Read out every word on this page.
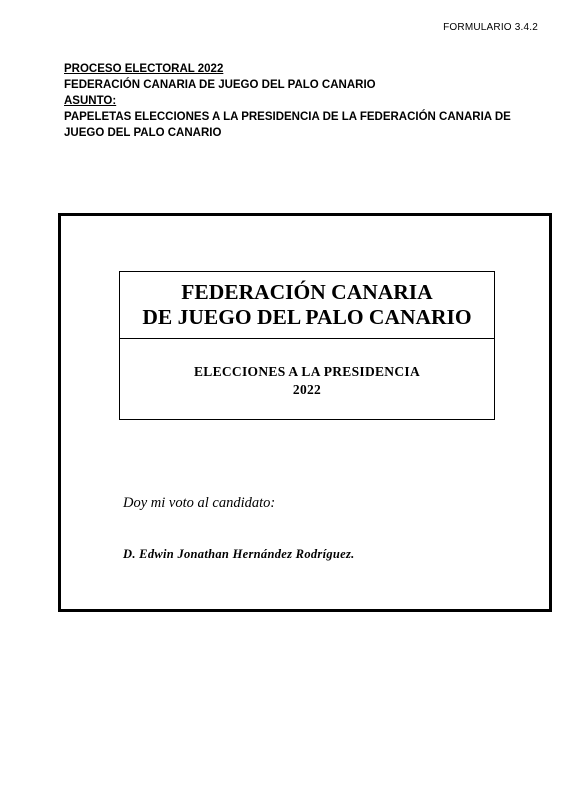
FORMULARIO 3.4.2
PROCESO ELECTORAL 2022
FEDERACIÓN CANARIA DE JUEGO DEL PALO CANARIO
ASUNTO:
PAPELETAS ELECCIONES A LA PRESIDENCIA DE LA FEDERACIÓN CANARIA DE
JUEGO DEL PALO CANARIO
FEDERACIÓN CANARIA
DE JUEGO DEL PALO CANARIO
ELECCIONES A LA PRESIDENCIA
2022
Doy mi voto al candidato:
D. Edwin Jonathan Hernández Rodríguez.
